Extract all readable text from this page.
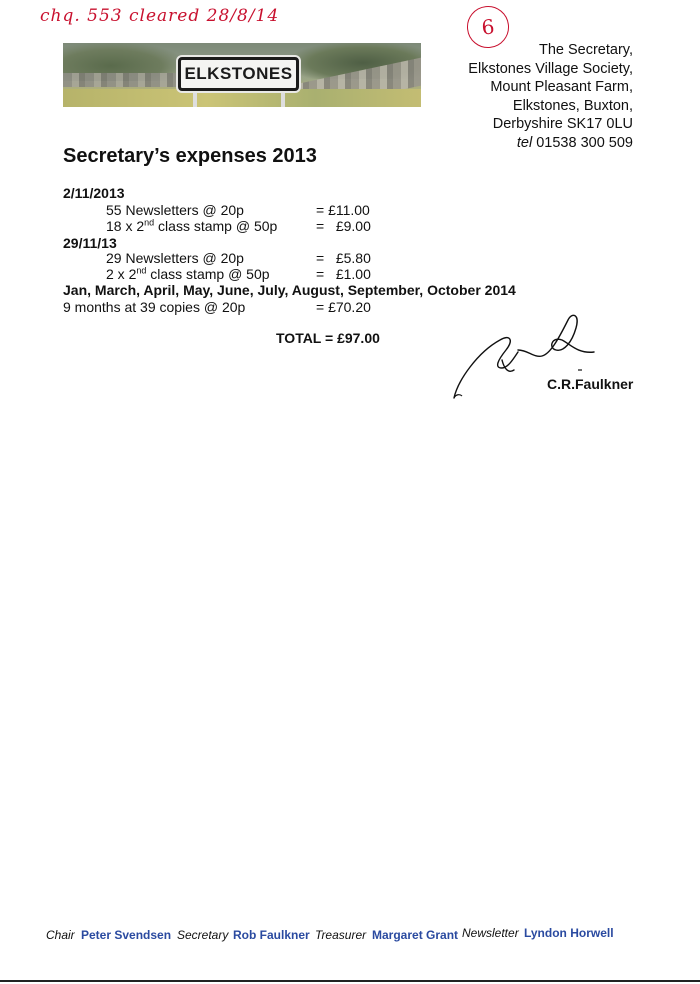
chq. 553 cleared 28/8/14	6
ELKSTONES
The Secretary,
Elkstones Village Society,
Mount Pleasant Farm,
Elkstones, Buxton,
Derbyshire SK17 0LU
tel 01538 300 509
Secretary’s expenses 2013
2/11/2013
55 Newsletters @ 20p	= £11.00
18 x 2nd class stamp @ 50p	=   £9.00
29/11/13
29 Newsletters @ 20p	=   £5.80
2 x 2nd class stamp @ 50p	=   £1.00
Jan, March, April, May, June, July, August, September, October 2014
9 months at 39 copies @ 20p	= £70.20
TOTAL = £97.00
C.R.Faulkner
Chair Peter Svendsen Secretary Rob Faulkner Treasurer Margaret Grant Newsletter Lyndon Horwell
